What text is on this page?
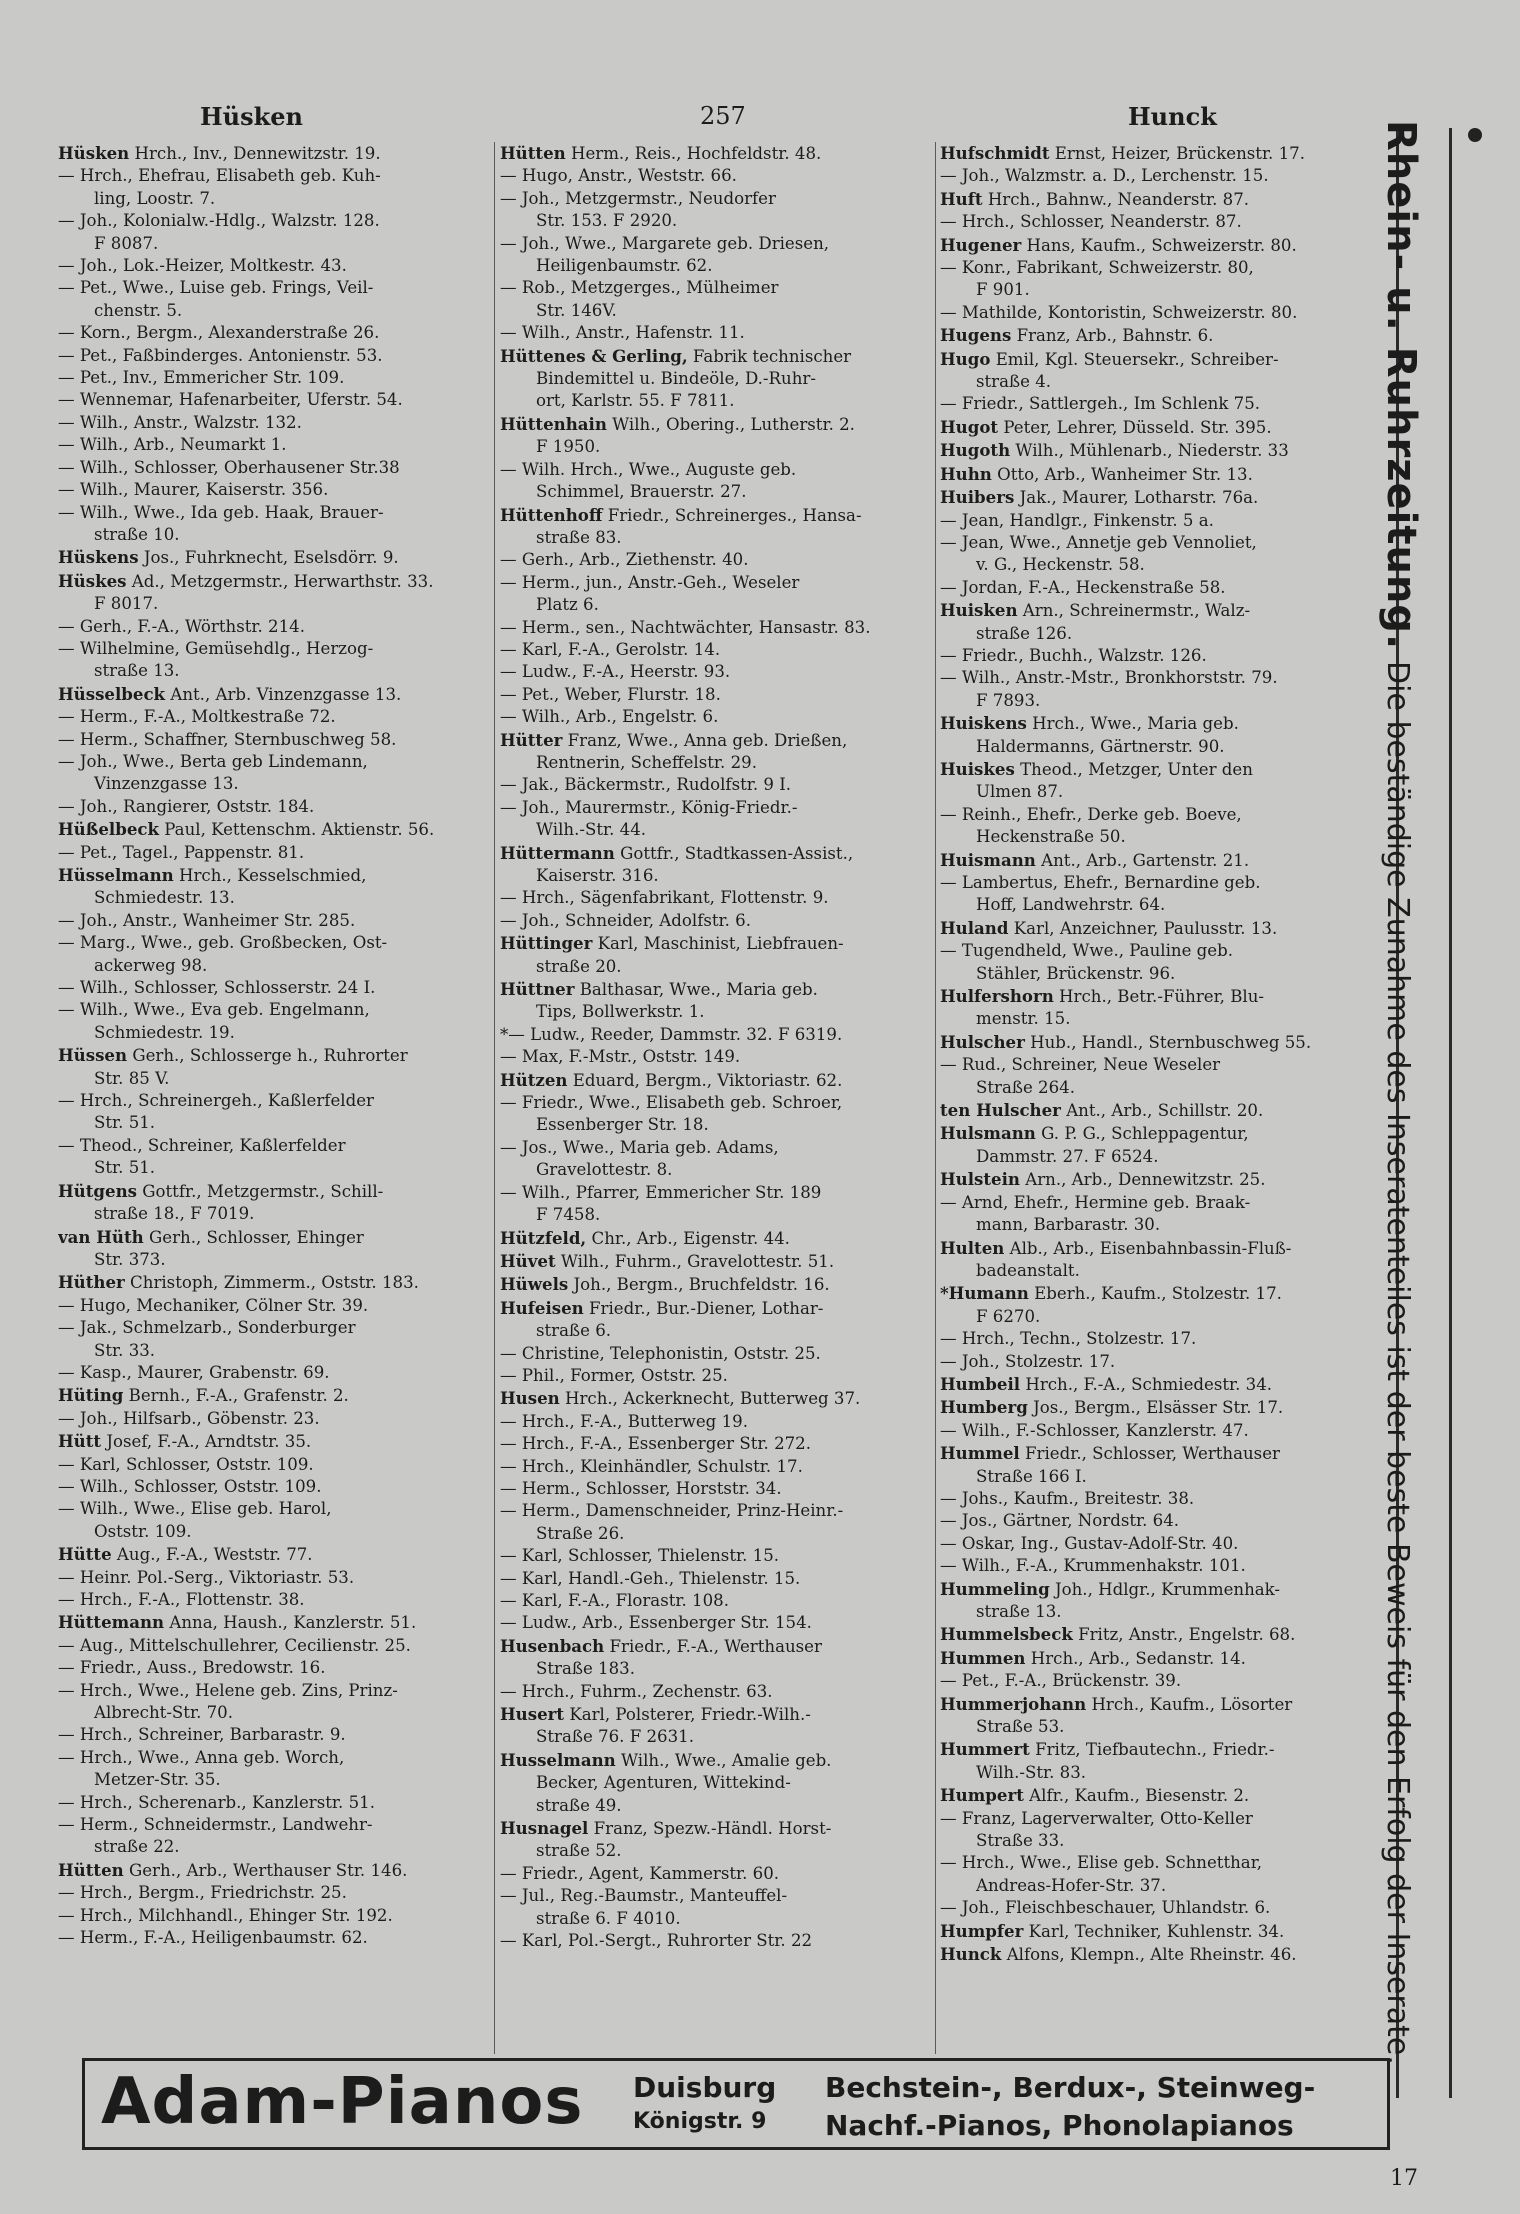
Hüsken	257	Hunck
Hüsken Hrch., Inv., Dennewitzstr. 19.
— Hrch., Ehefrau, Elisabeth geb. Kuh-
ling, Loostr. 7.
— Joh., Kolonialw.-Hdlg., Walzstr. 128.
F 8087.
— Joh., Lok.-Heizer, Moltkestr. 43.
— Pet., Wwe., Luise geb. Frings, Veil-
chenstr. 5.
— Korn., Bergm., Alexanderstraße 26.
— Pet., Faßbinderges. Antonienstr. 53.
— Pet., Inv., Emmericher Str. 109.
— Wennemar, Hafenarbeiter, Uferstr. 54.
— Wilh., Anstr., Walzstr. 132.
— Wilh., Arb., Neumarkt 1.
— Wilh., Schlosser, Oberhausener Str.38
— Wilh., Maurer, Kaiserstr. 356.
— Wilh., Wwe., Ida geb. Haak, Brauer-
straße 10.
Hüskens Jos., Fuhrknecht, Eselsdörr. 9.
Hüskes Ad., Metzgermstr., Herwarthstr. 33.
F 8017.
— Gerh., F.-A., Wörthstr. 214.
— Wilhelmine, Gemüsehdlg., Herzog-
straße 13.
Hüsselbeck Ant., Arb. Vinzenzgasse 13.
— Herm., F.-A., Moltkestraße 72.
— Herm., Schaffner, Sternbuschweg 58.
— Joh., Wwe., Berta geb Lindemann,
Vinzenzgasse 13.
— Joh., Rangierer, Oststr. 184.
Hüßelbeck Paul, Kettenschm. Aktienstr. 56.
— Pet., Tagel., Pappenstr. 81.
Hüsselmann Hrch., Kesselschmied,
Schmiedestr. 13.
— Joh., Anstr., Wanheimer Str. 285.
— Marg., Wwe., geb. Großbecken, Ost-
ackerweg 98.
— Wilh., Schlosser, Schlosserstr. 24 I.
— Wilh., Wwe., Eva geb. Engelmann,
Schmiedestr. 19.
Hüssen Gerh., Schlosserge h., Ruhrorter
Str. 85 V.
— Hrch., Schreinergeh., Kaßlerfelder
Str. 51.
— Theod., Schreiner, Kaßlerfelder
Str. 51.
Hütgens Gottfr., Metzgermstr., Schill-
straße 18., F 7019.
van Hüth Gerh., Schlosser, Ehinger
Str. 373.
Hüther Christoph, Zimmerm., Oststr. 183.
— Hugo, Mechaniker, Cölner Str. 39.
— Jak., Schmelzarb., Sonderburger
Str. 33.
— Kasp., Maurer, Grabenstr. 69.
Hüting Bernh., F.-A., Grafenstr. 2.
— Joh., Hilfsarb., Göbenstr. 23.
Hütt Josef, F.-A., Arndtstr. 35.
— Karl, Schlosser, Oststr. 109.
— Wilh., Schlosser, Oststr. 109.
— Wilh., Wwe., Elise geb. Harol,
Oststr. 109.
Hütte Aug., F.-A., Weststr. 77.
— Heinr. Pol.-Serg., Viktoriastr. 53.
— Hrch., F.-A., Flottenstr. 38.
Hüttemann Anna, Haush., Kanzlerstr. 51.
— Aug., Mittelschullehrer, Cecilienstr. 25.
— Friedr., Auss., Bredowstr. 16.
— Hrch., Wwe., Helene geb. Zins, Prinz-
Albrecht-Str. 70.
— Hrch., Schreiner, Barbarastr. 9.
— Hrch., Wwe., Anna geb. Worch,
Metzer-Str. 35.
— Hrch., Scherenarb., Kanzlerstr. 51.
— Herm., Schneidermstr., Landwehr-
straße 22.
Hütten Gerh., Arb., Werthauser Str. 146.
— Hrch., Bergm., Friedrichstr. 25.
— Hrch., Milchhandl., Ehinger Str. 192.
— Herm., F.-A., Heiligenbaumstr. 62.
Hütten Herm., Reis., Hochfeldstr. 48.
— Hugo, Anstr., Weststr. 66.
— Joh., Metzgermstr., Neudorfer
Str. 153. F 2920.
— Joh., Wwe., Margarete geb. Driesen,
Heiligenbaumstr. 62.
— Rob., Metzgerges., Mülheimer
Str. 146V.
— Wilh., Anstr., Hafenstr. 11.
Hüttenes & Gerling, Fabrik technischer
Bindemittel u. Bindeöle, D.-Ruhr-
ort, Karlstr. 55. F 7811.
Hüttenhain Wilh., Obering., Lutherstr. 2.
F 1950.
— Wilh. Hrch., Wwe., Auguste geb.
Schimmel, Brauerstr. 27.
Hüttenhoff Friedr., Schreinerges., Hansa-
straße 83.
— Gerh., Arb., Ziethenstr. 40.
— Herm., jun., Anstr.-Geh., Weseler
Platz 6.
— Herm., sen., Nachtwächter, Hansastr. 83.
— Karl, F.-A., Gerolstr. 14.
— Ludw., F.-A., Heerstr. 93.
— Pet., Weber, Flurstr. 18.
— Wilh., Arb., Engelstr. 6.
Hütter Franz, Wwe., Anna geb. Drießen,
Rentnerin, Scheffelstr. 29.
— Jak., Bäckermstr., Rudolfstr. 9 I.
— Joh., Maurermstr., König-Friedr.-
Wilh.-Str. 44.
Hüttermann Gottfr., Stadtkassen-Assist.,
Kaiserstr. 316.
— Hrch., Sägenfabrikant, Flottenstr. 9.
— Joh., Schneider, Adolfstr. 6.
Hüttinger Karl, Maschinist, Liebfrauen-
straße 20.
Hüttner Balthasar, Wwe., Maria geb.
Tips, Bollwerkstr. 1.
*— Ludw., Reeder, Dammstr. 32. F 6319.
— Max, F.-Mstr., Oststr. 149.
Hützen Eduard, Bergm., Viktoriastr. 62.
— Friedr., Wwe., Elisabeth geb. Schroer,
Essenberger Str. 18.
— Jos., Wwe., Maria geb. Adams,
Gravelottestr. 8.
— Wilh., Pfarrer, Emmericher Str. 189
F 7458.
Hützfeld, Chr., Arb., Eigenstr. 44.
Hüvet Wilh., Fuhrm., Gravelottestr. 51.
Hüwels Joh., Bergm., Bruchfeldstr. 16.
Hufeisen Friedr., Bur.-Diener, Lothar-
straße 6.
— Christine, Telephonistin, Oststr. 25.
— Phil., Former, Oststr. 25.
Husen Hrch., Ackerknecht, Butterweg 37.
— Hrch., F.-A., Butterweg 19.
— Hrch., F.-A., Essenberger Str. 272.
— Hrch., Kleinhändler, Schulstr. 17.
— Herm., Schlosser, Horststr. 34.
— Herm., Damenschneider, Prinz-Heinr.-
Straße 26.
— Karl, Schlosser, Thielenstr. 15.
— Karl, Handl.-Geh., Thielenstr. 15.
— Karl, F.-A., Florastr. 108.
— Ludw., Arb., Essenberger Str. 154.
Husenbach Friedr., F.-A., Werthauser
Straße 183.
— Hrch., Fuhrm., Zechenstr. 63.
Husert Karl, Polsterer, Friedr.-Wilh.-
Straße 76. F 2631.
Husselmann Wilh., Wwe., Amalie geb.
Becker, Agenturen, Wittekind-
straße 49.
Husnagel Franz, Spezw.-Händl. Horst-
straße 52.
— Friedr., Agent, Kammerstr. 60.
— Jul., Reg.-Baumstr., Manteuffel-
straße 6. F 4010.
— Karl, Pol.-Sergt., Ruhrorter Str. 22
Hufschmidt Ernst, Heizer, Brückenstr. 17.
— Joh., Walzmstr. a. D., Lerchenstr. 15.
Huft Hrch., Bahnw., Neanderstr. 87.
— Hrch., Schlosser, Neanderstr. 87.
Hugener Hans, Kaufm., Schweizerstr. 80.
— Konr., Fabrikant, Schweizerstr. 80,
F 901.
— Mathilde, Kontoristin, Schweizerstr. 80.
Hugens Franz, Arb., Bahnstr. 6.
Hugo Emil, Kgl. Steuersekr., Schreiber-
straße 4.
— Friedr., Sattlergeh., Im Schlenk 75.
Hugot Peter, Lehrer, Düsseld. Str. 395.
Hugoth Wilh., Mühlenarb., Niederstr. 33
Huhn Otto, Arb., Wanheimer Str. 13.
Huibers Jak., Maurer, Lotharstr. 76a.
— Jean, Handlgr., Finkenstr. 5 a.
— Jean, Wwe., Annetje geb Vennoliet,
v. G., Heckenstr. 58.
— Jordan, F.-A., Heckenstraße 58.
Huisken Arn., Schreinermstr., Walz-
straße 126.
— Friedr., Buchh., Walzstr. 126.
— Wilh., Anstr.-Mstr., Bronkhorststr. 79.
F 7893.
Huiskens Hrch., Wwe., Maria geb.
Haldermanns, Gärtnerstr. 90.
Huiskes Theod., Metzger, Unter den
Ulmen 87.
— Reinh., Ehefr., Derke geb. Boeve,
Heckenstraße 50.
Huismann Ant., Arb., Gartenstr. 21.
— Lambertus, Ehefr., Bernardine geb.
Hoff, Landwehrstr. 64.
Huland Karl, Anzeichner, Paulusstr. 13.
— Tugendheld, Wwe., Pauline geb.
Stähler, Brückenstr. 96.
Hulfershorn Hrch., Betr.-Führer, Blu-
menstr. 15.
Hulscher Hub., Handl., Sternbuschweg 55.
— Rud., Schreiner, Neue Weseler
Straße 264.
ten Hulscher Ant., Arb., Schillstr. 20.
Hulsmann G. P. G., Schleppagentur,
Dammstr. 27. F 6524.
Hulstein Arn., Arb., Dennewitzstr. 25.
— Arnd, Ehefr., Hermine geb. Braak-
mann, Barbarastr. 30.
Hulten Alb., Arb., Eisenbahnbassin-Fluß-
badeanstalt.
*Humann Eberh., Kaufm., Stolzestr. 17.
F 6270.
— Hrch., Techn., Stolzestr. 17.
— Joh., Stolzestr. 17.
Humbeil Hrch., F.-A., Schmiedestr. 34.
Humberg Jos., Bergm., Elsässer Str. 17.
— Wilh., F.-Schlosser, Kanzlerstr. 47.
Hummel Friedr., Schlosser, Werthauser
Straße 166 I.
— Johs., Kaufm., Breitestr. 38.
— Jos., Gärtner, Nordstr. 64.
— Oskar, Ing., Gustav-Adolf-Str. 40.
— Wilh., F.-A., Krummenhakstr. 101.
Hummeling Joh., Hdlgr., Krummenhak-
straße 13.
Hummelsbeck Fritz, Anstr., Engelstr. 68.
Hummen Hrch., Arb., Sedanstr. 14.
— Pet., F.-A., Brückenstr. 39.
Hummerjohann Hrch., Kaufm., Lösorter
Straße 53.
Hummert Fritz, Tiefbautechn., Friedr.-
Wilh.-Str. 83.
Humpert Alfr., Kaufm., Biesenstr. 2.
— Franz, Lagerverwalter, Otto-Keller
Straße 33.
— Hrch., Wwe., Elise geb. Schnetthar,
Andreas-Hofer-Str. 37.
— Joh., Fleischbeschauer, Uhlandstr. 6.
Humpfer Karl, Techniker, Kuhlenstr. 34.
Hunck Alfons, Klempn., Alte Rheinstr. 46.
Rhein- u. Ruhrzeitung. Die beständige Zunahme des Inseratenteiles ist der beste Beweis für den Erfolg der Inserate.
Adam-Pianos Duisburg
Königstr. 9
Bechstein-, Berdux-, Steinweg-
Nachf.-Pianos, Phonolapianos
17
